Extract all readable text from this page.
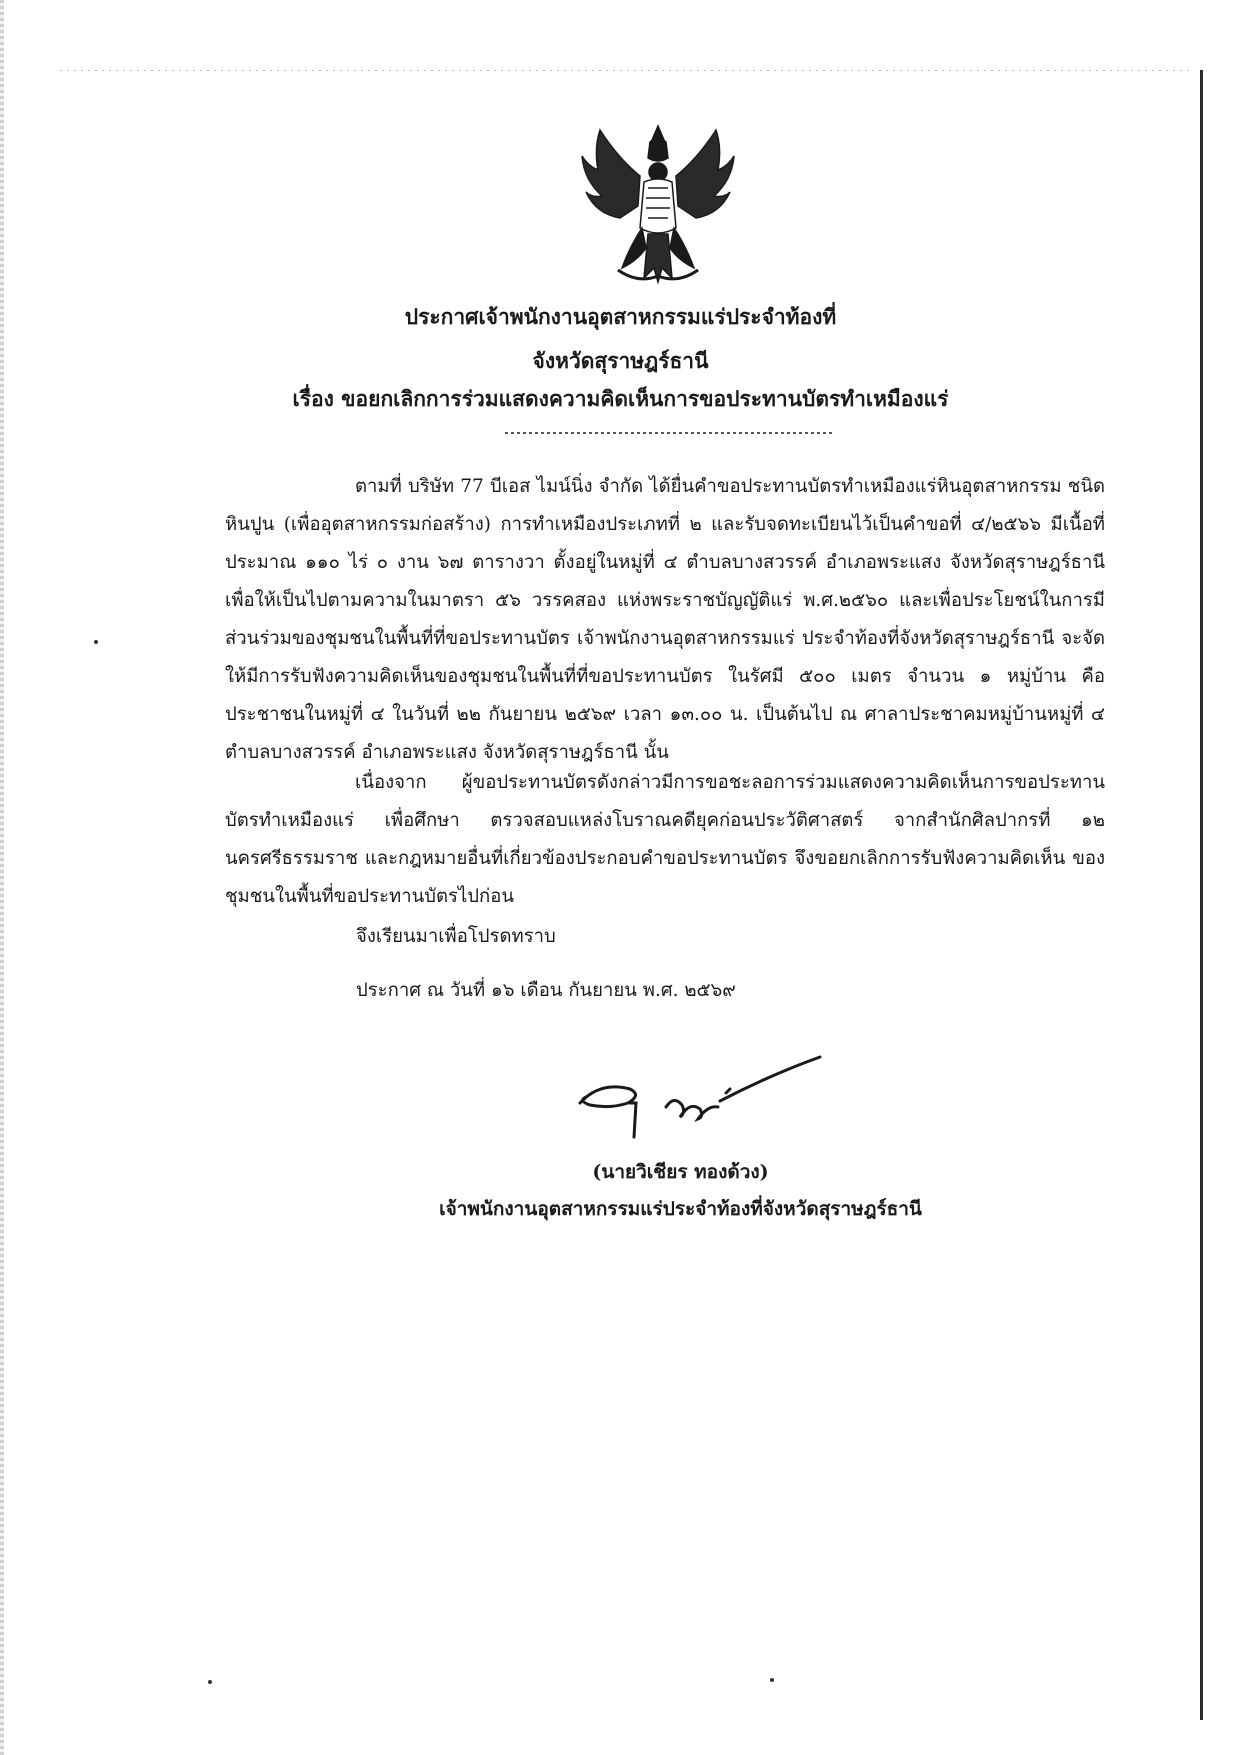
ประกาศเจ้าพนักงานอุตสาหกรรมแร่ประจำท้องที่
จังหวัดสุราษฎร์ธานี
เรื่อง ขอยกเลิกการร่วมแสดงความคิดเห็นการขอประทานบัตรทำเหมืองแร่

ตามที่ บริษัท 77 บีเอส ไมน์นิ่ง จำกัด ได้ยื่นคำขอประทานบัตรทำเหมืองแร่หินอุตสาหกรรม ชนิดหินปูน (เพื่ออุตสาหกรรมก่อสร้าง) การทำเหมืองประเภทที่ ๒ และรับจดทะเบียนไว้เป็นคำขอที่ ๔/๒๕๖๖ มีเนื้อที่ประมาณ ๑๑๐ ไร่ ๐ งาน ๖๗ ตารางวา ตั้งอยู่ในหมู่ที่ ๔ ตำบลบางสวรรค์ อำเภอพระแสง จังหวัดสุราษฎร์ธานี เพื่อให้เป็นไปตามความในมาตรา ๕๖ วรรคสอง แห่งพระราชบัญญัติแร่ พ.ศ.๒๕๖๐ และเพื่อประโยชน์ในการมีส่วนร่วมของชุมชนในพื้นที่ที่ขอประทานบัตร เจ้าพนักงานอุตสาหกรรมแร่ ประจำท้องที่จังหวัดสุราษฎร์ธานี จะจัดให้มีการรับฟังความคิดเห็นของชุมชนในพื้นที่ที่ขอประทานบัตร ในรัศมี ๕๐๐ เมตร จำนวน ๑ หมู่บ้าน คือ ประชาชนในหมู่ที่ ๔ ในวันที่ ๒๒ กันยายน ๒๕๖๙ เวลา ๑๓.๐๐ น. เป็นต้นไป ณ ศาลาประชาคมหมู่บ้านหมู่ที่ ๔ ตำบลบางสวรรค์ อำเภอพระแสง จังหวัดสุราษฎร์ธานี นั้น

เนื่องจาก ผู้ขอประทานบัตรดังกล่าวมีการขอชะลอการร่วมแสดงความคิดเห็นการขอประทาน บัตรทำเหมืองแร่ เพื่อศึกษา ตรวจสอบแหล่งโบราณคดียุคก่อนประวัติศาสตร์ จากสำนักศิลปากรที่ ๑๒ นครศรีธรรมราช และกฎหมายอื่นที่เกี่ยวข้องประกอบคำขอประทานบัตร จึงขอยกเลิกการรับฟังความคิดเห็น ของชุมชนในพื้นที่ขอประทานบัตรไปก่อน

จึงเรียนมาเพื่อโปรดทราบ
ประกาศ ณ วันที่ ๑๖ เดือน กันยายน พ.ศ. ๒๕๖๙
(นายวิเชียร ทองด้วง)
เจ้าพนักงานอุตสาหกรรมแร่ประจำท้องที่จังหวัดสุราษฎร์ธานี
